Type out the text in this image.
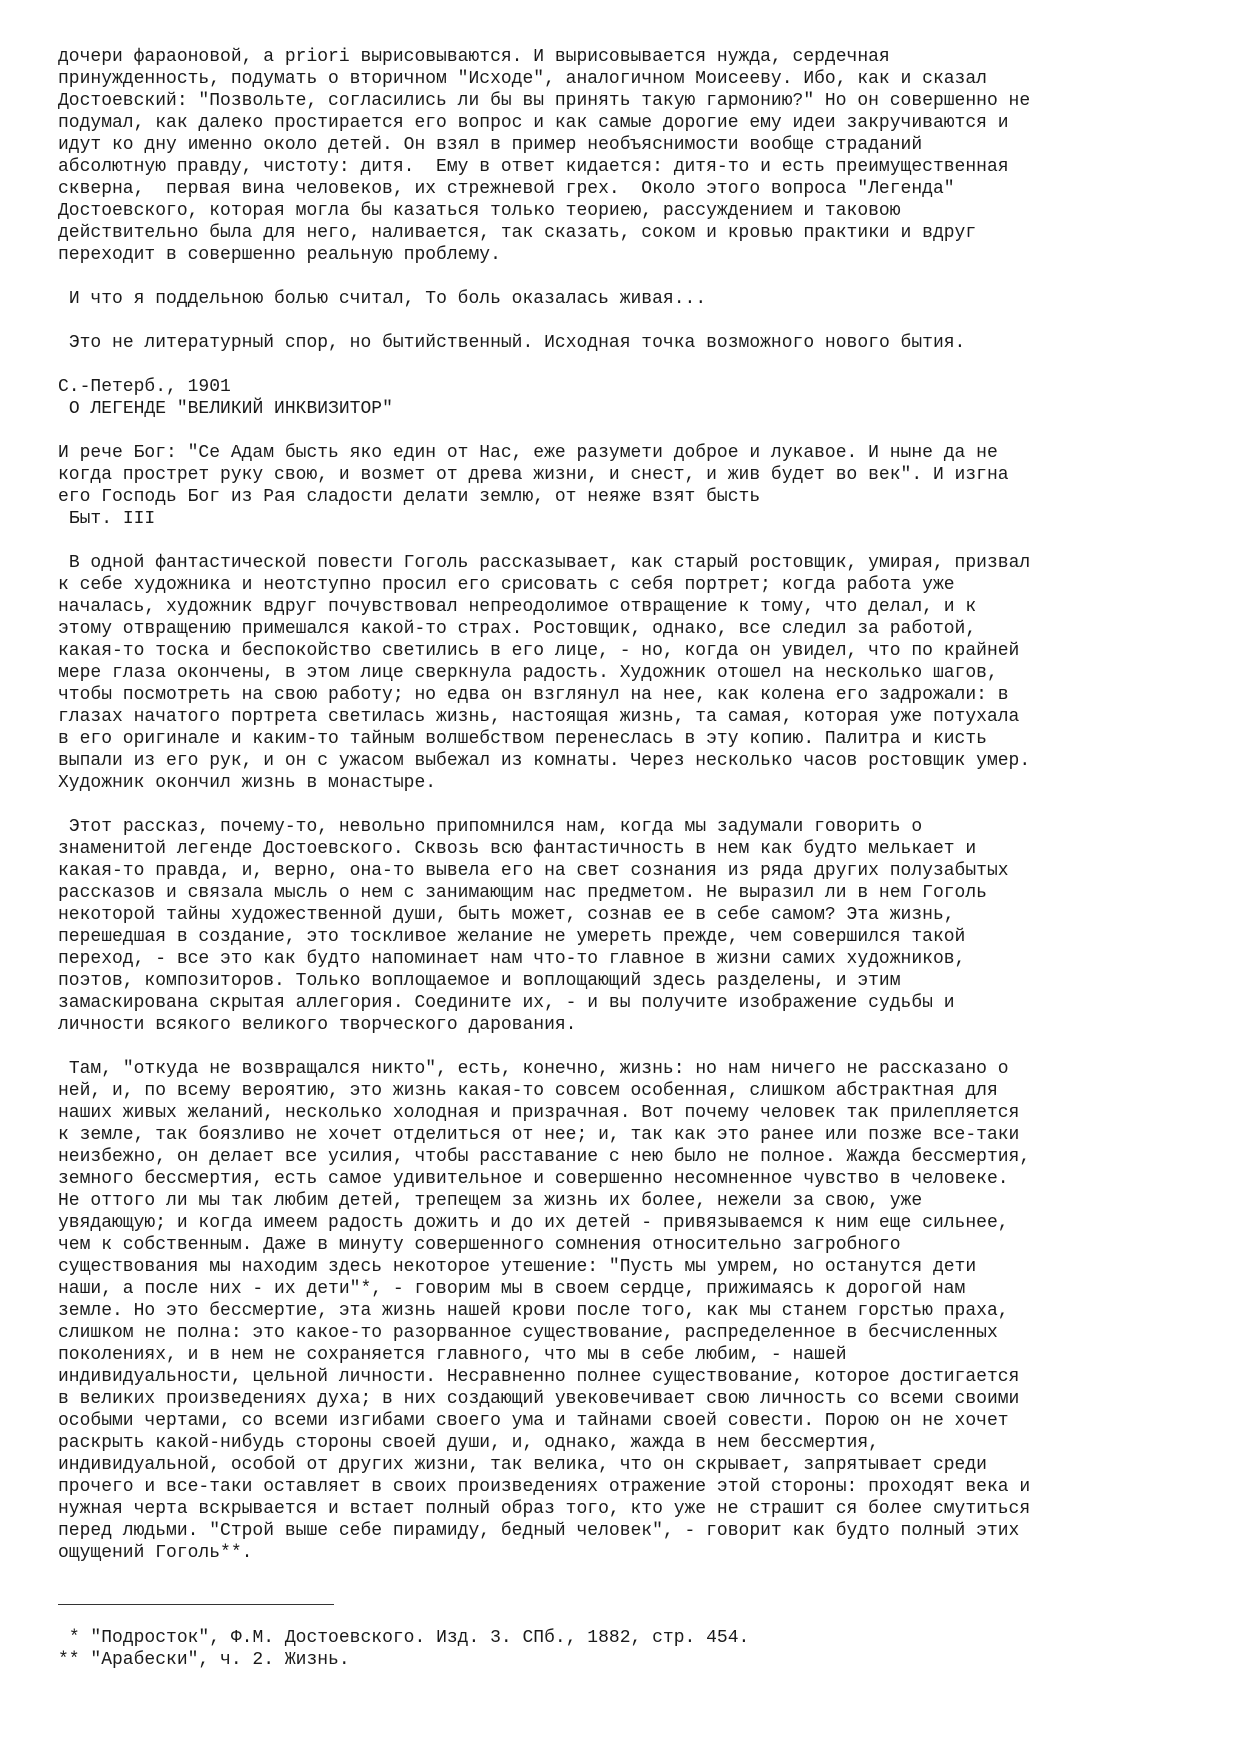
дочери фараоновой, a priori вырисовываются. И вырисовывается нужда, сердечная
принужденность, подумать о вторичном "Исходе", аналогичном Моисееву. Ибо, как и сказал
Достоевский: "Позвольте, согласились ли бы вы принять такую гармонию?" Но он совершенно не
подумал, как далеко простирается его вопрос и как самые дорогие ему идеи закручиваются и
идут ко дну именно около детей. Он взял в пример необъяснимости вообще страданий
абсолютную правду, чистоту: дитя.  Ему в ответ кидается: дитя-то и есть преимущественная
скверна,  первая вина человеков, их стрежневой грех.  Около этого вопроса "Легенда"
Достоевского, которая могла бы казаться только теориею, рассуждением и таковою
действительно была для него, наливается, так сказать, соком и кровью практики и вдруг
переходит в совершенно реальную проблему.

И что я поддельною болью считал, То боль оказалась живая...

Это не литературный спор, но бытийственный. Исходная точка возможного нового бытия.

С.-Петерб., 1901

О ЛЕГЕНДЕ "ВЕЛИКИЙ ИНКВИЗИТОР"

И рече Бог: "Се Адам бысть яко един от Нас, еже разумети доброе и лукавое. И ныне да не
когда прострет руку свою, и возмет от древа жизни, и снест, и жив будет во век". И изгна
его Господь Бог из Рая сладости делати землю, от неяже взят бысть

Быт. III

В одной фантастической повести Гоголь рассказывает, как старый ростовщик, умирая, призвал
к себе художника и неотступно просил его срисовать с себя портрет; когда работа уже
началась, художник вдруг почувствовал непреодолимое отвращение к тому, что делал, и к
этому отвращению примешался какой-то страх. Ростовщик, однако, все следил за работой,
какая-то тоска и беспокойство светились в его лице, - но, когда он увидел, что по крайней
мере глаза окончены, в этом лице сверкнула радость. Художник отошел на несколько шагов,
чтобы посмотреть на свою работу; но едва он взглянул на нее, как колена его задрожали: в
глазах начатого портрета светилась жизнь, настоящая жизнь, та самая, которая уже потухала
в его оригинале и каким-то тайным волшебством перенеслась в эту копию. Палитра и кисть
выпали из его рук, и он с ужасом выбежал из комнаты. Через несколько часов ростовщик умер.
Художник окончил жизнь в монастыре.

Этот рассказ, почему-то, невольно припомнился нам, когда мы задумали говорить о
знаменитой легенде Достоевского. Сквозь всю фантастичность в нем как будто мелькает и
какая-то правда, и, верно, она-то вывела его на свет сознания из ряда других полузабытых
рассказов и связала мысль о нем с занимающим нас предметом. Не выразил ли в нем Гоголь
некоторой тайны художественной души, быть может, сознав ее в себе самом? Эта жизнь,
перешедшая в создание, это тоскливое желание не умереть прежде, чем совершился такой
переход, - все это как будто напоминает нам что-то главное в жизни самих художников,
поэтов, композиторов. Только воплощаемое и воплощающий здесь разделены, и этим
замаскирована скрытая аллегория. Соедините их, - и вы получите изображение судьбы и
личности всякого великого творческого дарования.

Там, "откуда не возвращался никто", есть, конечно, жизнь: но нам ничего не рассказано о
ней, и, по всему вероятию, это жизнь какая-то совсем особенная, слишком абстрактная для
наших живых желаний, несколько холодная и призрачная. Вот почему человек так прилепляется
к земле, так боязливо не хочет отделиться от нее; и, так как это ранее или позже все-таки
неизбежно, он делает все усилия, чтобы расставание с нею было не полное. Жажда бессмертия,
земного бессмертия, есть самое удивительное и совершенно несомненное чувство в человеке.
Не оттого ли мы так любим детей, трепещем за жизнь их более, нежели за свою, уже
увядающую; и когда имеем радость дожить и до их детей - привязываемся к ним еще сильнее,
чем к собственным. Даже в минуту совершенного сомнения относительно загробного
существования мы находим здесь некоторое утешение: "Пусть мы умрем, но останутся дети
наши, а после них - их дети"*, - говорим мы в своем сердце, прижимаясь к дорогой нам
земле. Но это бессмертие, эта жизнь нашей крови после того, как мы станем горстью праха,
слишком не полна: это какое-то разорванное существование, распределенное в бесчисленных
поколениях, и в нем не сохраняется главного, что мы в себе любим, - нашей
индивидуальности, цельной личности. Несравненно полнее существование, которое достигается
в великих произведениях духа; в них создающий увековечивает свою личность со всеми своими
особыми чертами, со всеми изгибами своего ума и тайнами своей совести. Порою он не хочет
раскрыть какой-нибудь стороны своей души, и, однако, жажда в нем бессмертия,
индивидуальной, особой от других жизни, так велика, что он скрывает, запрятывает среди
прочего и все-таки оставляет в своих произведениях отражение этой стороны: проходят века и
нужная черта вскрывается и встает полный образ того, кто уже не страшит ся более смутиться
перед людьми. "Строй выше себе пирамиду, бедный человек", - говорит как будто полный этих
ощущений Гоголь**.

* "Подросток", Ф.М. Достоевского. Изд. 3. СПб., 1882, стр. 454.

** "Арабески", ч. 2. Жизнь.
